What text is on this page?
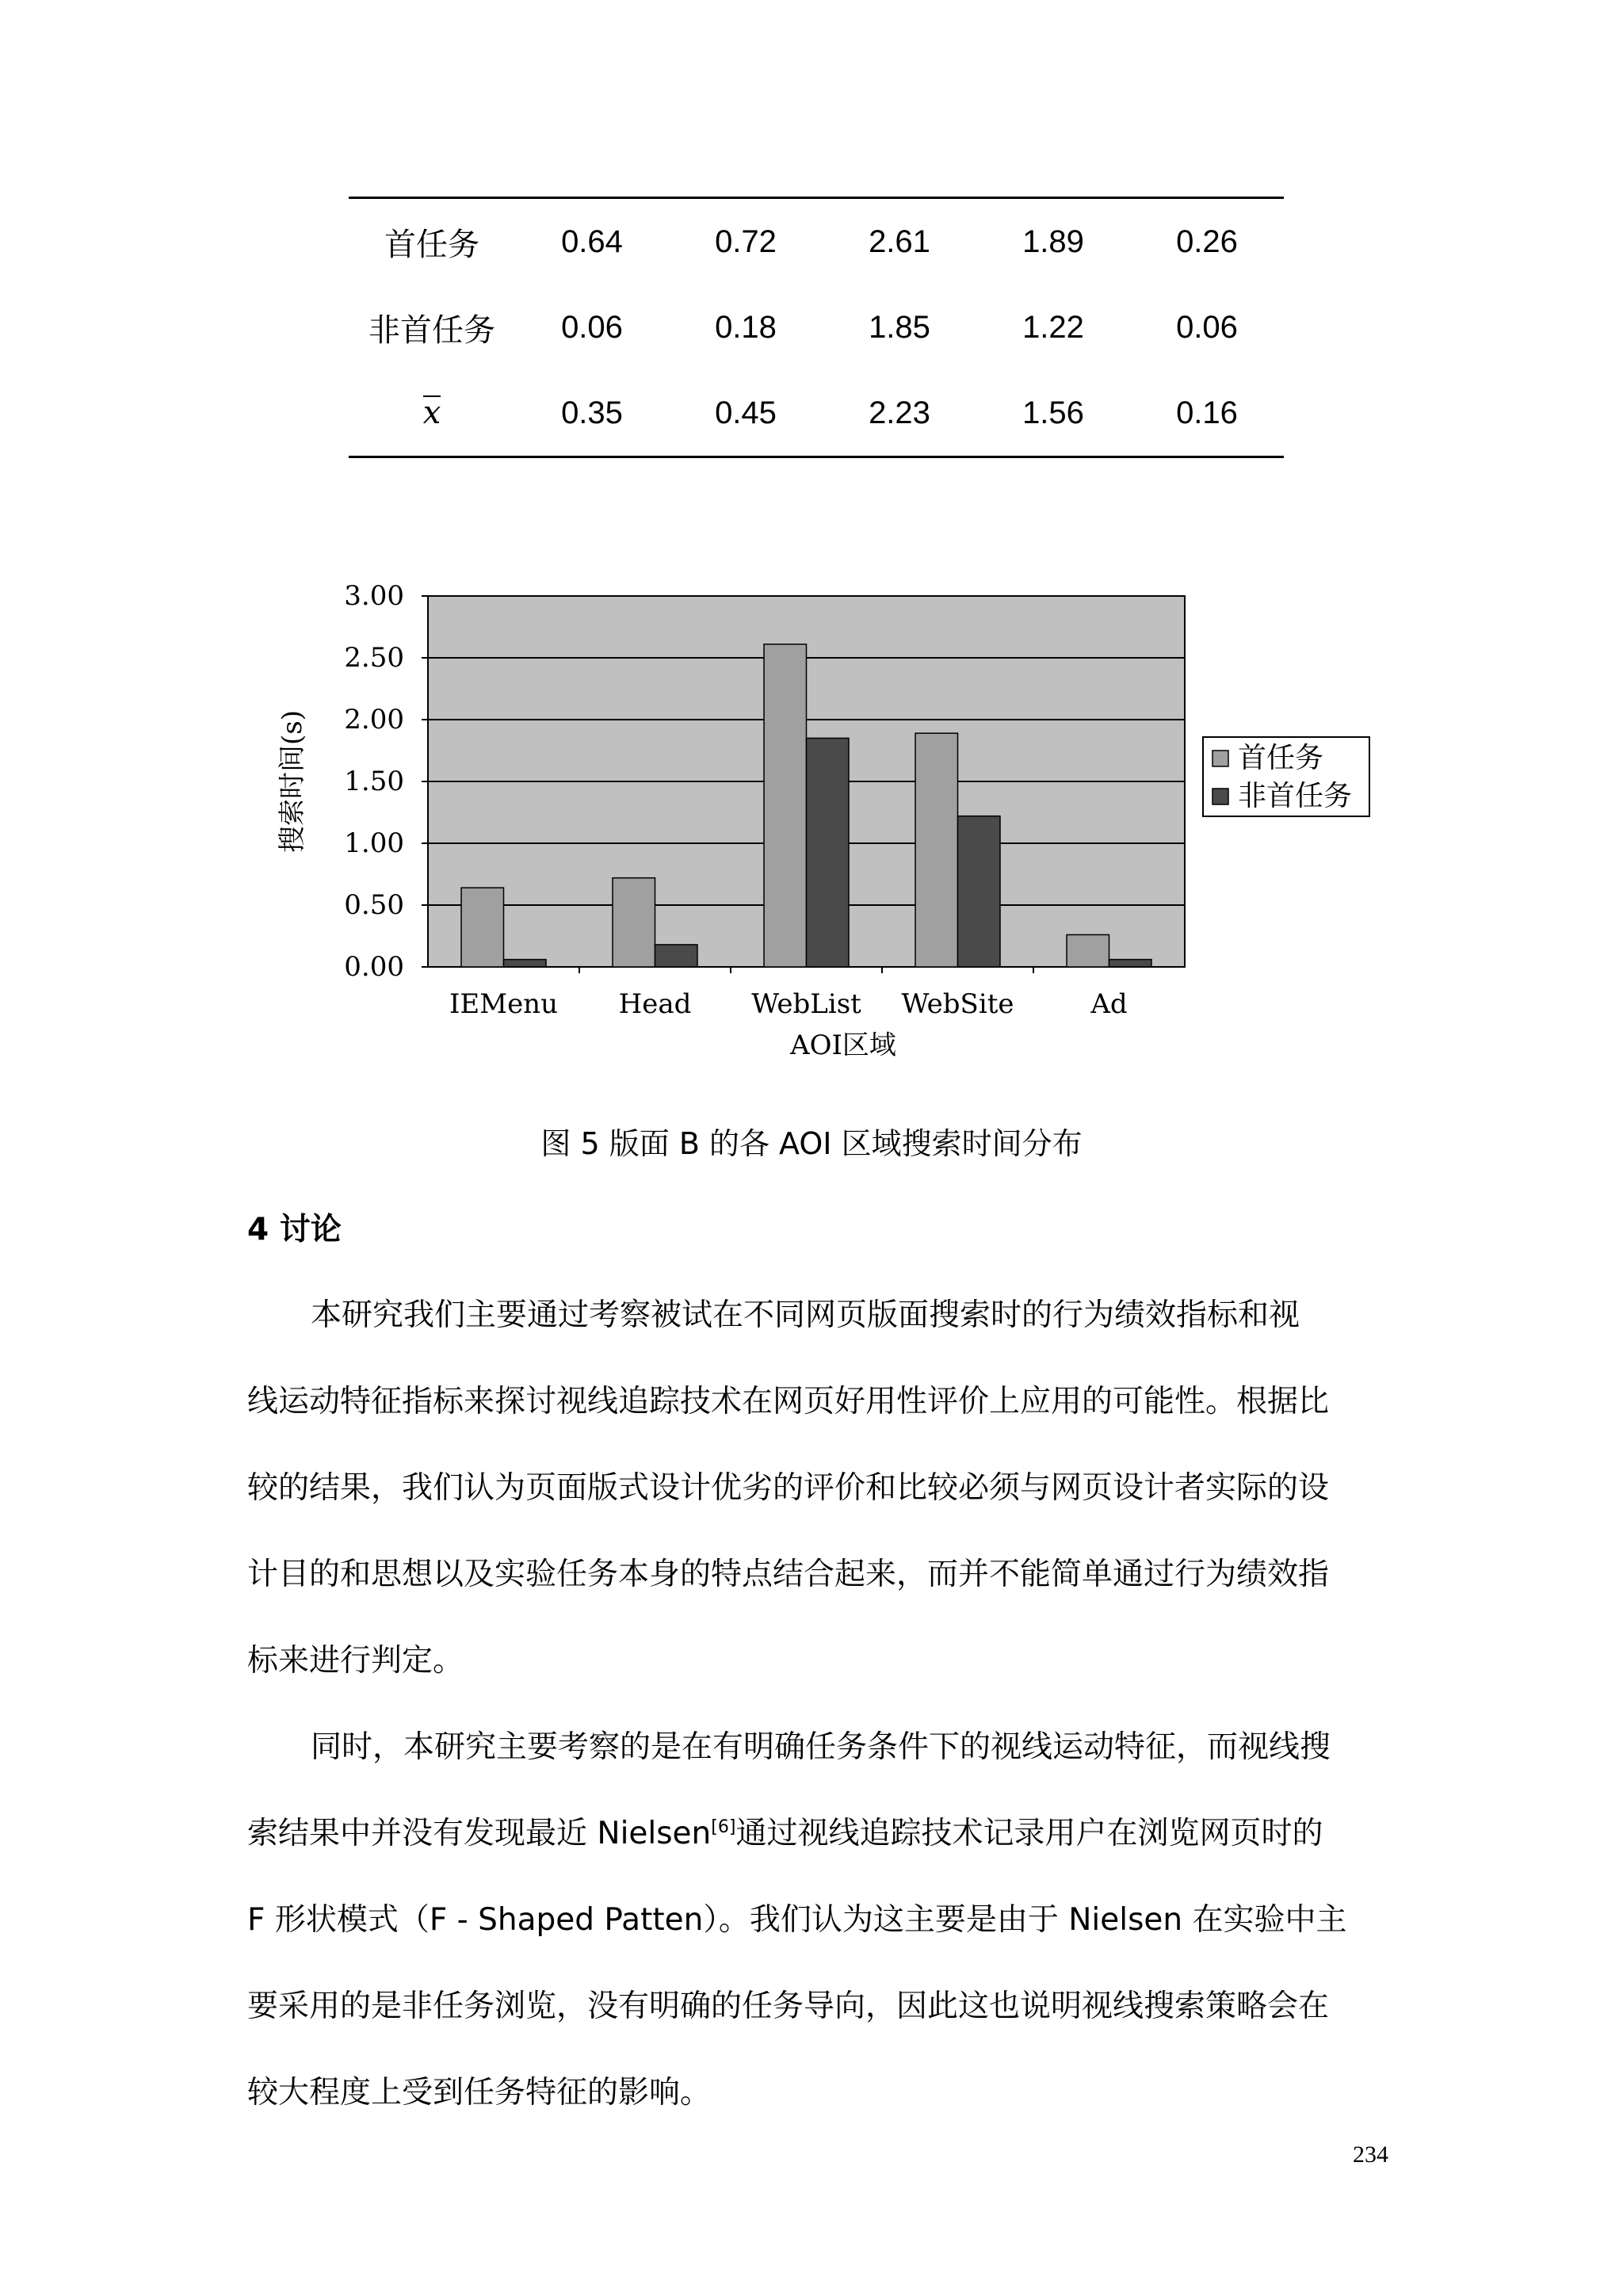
首任务	0.64	0.72	2.61	1.89	0.26
非首任务	0.06	0.18	1.85	1.22	0.06
x	0.35	0.45	2.23	1.56	0.16
0.00
0.50
1.00
1.50
2.00
2.50
3.00
IEMenu Head WebList WebSite	Ad
AOI区域
搜索时间(s)	首任务
非首任务
图 5 版面 B 的各 AOI 区域搜索时间分布
4 讨论
本研究我们主要通过考察被试在不同网页版面搜索时的行为绩效指标和视
线运动特征指标来探讨视线追踪技术在网页好用性评价上应用的可能性。根据比
较的结果，我们认为页面版式设计优劣的评价和比较必须与网页设计者实际的设
计目的和思想以及实验任务本身的特点结合起来，而并不能简单通过行为绩效指
标来进行判定。
同时，本研究主要考察的是在有明确任务条件下的视线运动特征，而视线搜
索结果中并没有发现最近 Nielsen[6]通过视线追踪技术记录用户在浏览网页时的
F 形状模式（F - Shaped Patten）。我们认为这主要是由于 Nielsen 在实验中主
要采用的是非任务浏览，没有明确的任务导向，因此这也说明视线搜索策略会在
较大程度上受到任务特征的影响。
234
